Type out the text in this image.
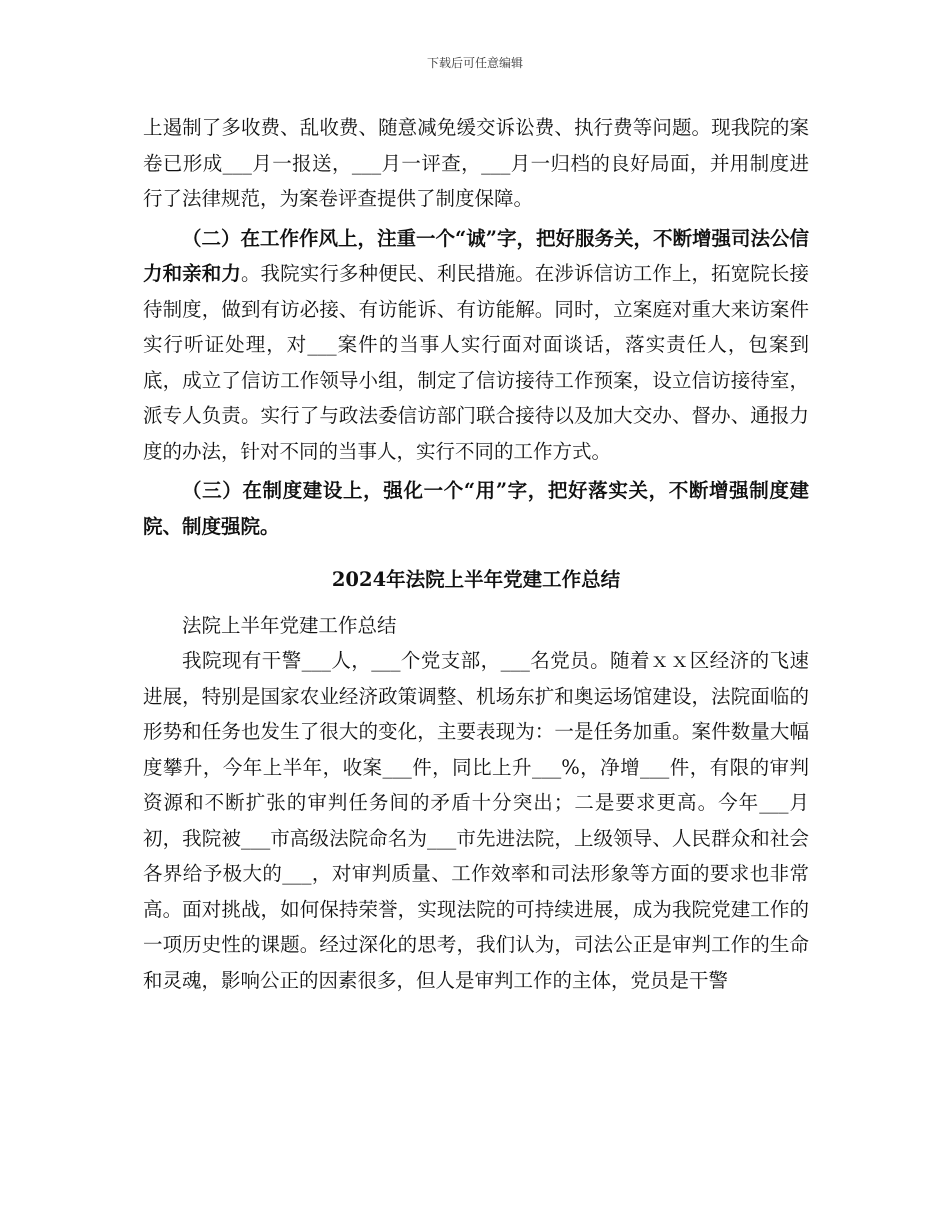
下载后可任意编辑

上遏制了多收费、乱收费、随意减免缓交诉讼费、执行费等问题。现我院的案卷已形成___月一报送，___月一评查，___月一归档的良好局面，并用制度进行了法律规范，为案卷评查提供了制度保障。

（二）在工作作风上，注重一个“诚”字，把好服务关，不断增强司法公信力和亲和力。我院实行多种便民、利民措施。在涉诉信访工作上，拓宽院长接待制度，做到有访必接、有访能诉、有访能解。同时，立案庭对重大来访案件实行听证处理，对___案件的当事人实行面对面谈话，落实责任人，包案到底，成立了信访工作领导小组，制定了信访接待工作预案，设立信访接待室，派专人负责。实行了与政法委信访部门联合接待以及加大交办、督办、通报力度的办法，针对不同的当事人，实行不同的工作方式。

（三）在制度建设上，强化一个“用”字，把好落实关，不断增强制度建院、制度强院。

2024年法院上半年党建工作总结

法院上半年党建工作总结

我院现有干警___人，___个党支部，___名党员。随着ｘｘ区经济的飞速进展，特别是国家农业经济政策调整、机场东扩和奥运场馆建设，法院面临的形势和任务也发生了很大的变化，主要表现为：一是任务加重。案件数量大幅度攀升，今年上半年，收案___件，同比上升___%，净增___件，有限的审判资源和不断扩张的审判任务间的矛盾十分突出；二是要求更高。今年___月初，我院被___市高级法院命名为___市先进法院，上级领导、人民群众和社会各界给予极大的___，对审判质量、工作效率和司法形象等方面的要求也非常高。面对挑战，如何保持荣誉，实现法院的可持续进展，成为我院党建工作的一项历史性的课题。经过深化的思考，我们认为，司法公正是审判工作的生命和灵魂，影响公正的因素很多，但人是审判工作的主体，党员是干警
